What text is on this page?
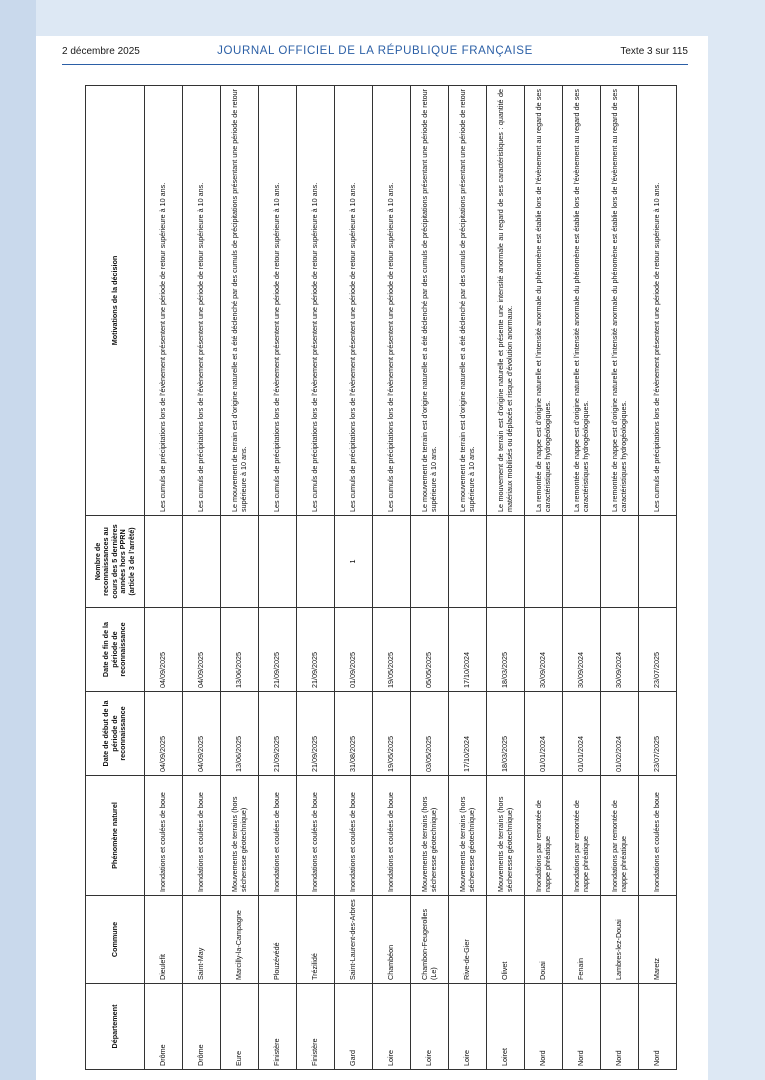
2 décembre 2025	JOURNAL OFFICIEL DE LA RÉPUBLIQUE FRANÇAISE	Texte 3 sur 115
Département	Commune	Phénomène naturel	Date de début de la période de reconnaissance	Date de fin de la période de reconnaissance	Nombre de reconnaissances au cours des 5 dernières années hors PPRN (article 3 de l’arrêté)	Motivations de la décision
Drôme	Dieulefit	Inondations et coulées de boue	04/09/2025	04/09/2025		Les cumuls de précipitations lors de l’évènement présentent une période de retour supérieure à 10 ans.
Drôme	Saint-May	Inondations et coulées de boue	04/09/2025	04/09/2025		Les cumuls de précipitations lors de l’évènement présentent une période de retour supérieure à 10 ans.
Eure	Marcilly-la-Campagne	Mouvements de terrains (hors sécheresse géotechnique)	13/06/2025	13/06/2025		Le mouvement de terrain est d’origine naturelle et a été déclenché par des cumuls de précipitations présentant une période de retour supérieure à 10 ans.
Finistère	Plouzévédé	Inondations et coulées de boue	21/09/2025	21/09/2025		Les cumuls de précipitations lors de l’évènement présentent une période de retour supérieure à 10 ans.
Finistère	Trézilidé	Inondations et coulées de boue	21/09/2025	21/09/2025		Les cumuls de précipitations lors de l’évènement présentent une période de retour supérieure à 10 ans.
Gard	Saint-Laurent-des-Arbres	Inondations et coulées de boue	31/08/2025	01/09/2025	1	Les cumuls de précipitations lors de l’évènement présentent une période de retour supérieure à 10 ans.
Loire	Chambéon	Inondations et coulées de boue	19/05/2025	19/05/2025		Les cumuls de précipitations lors de l’évènement présentent une période de retour supérieure à 10 ans.
Loire	Chambon-Feugerolles (Le)	Mouvements de terrains (hors sécheresse géotechnique)	03/05/2025	05/05/2025		Le mouvement de terrain est d’origine naturelle et a été déclenché par des cumuls de précipitations présentant une période de retour supérieure à 10 ans.
Loire	Rive-de-Gier	Mouvements de terrains (hors sécheresse géotechnique)	17/10/2024	17/10/2024		Le mouvement de terrain est d’origine naturelle et a été déclenché par des cumuls de précipitations présentant une période de retour supérieure à 10 ans.
Loiret	Olivet	Mouvements de terrains (hors sécheresse géotechnique)	18/03/2025	18/03/2025		Le mouvement de terrain est d’origine naturelle et présente une intensité anormale au regard de ses caractéristiques : quantité de matériaux mobilisés ou déplacés et risque d’évolution anormaux.
Nord	Douai	Inondations par remontée de nappe phréatique	01/01/2024	30/09/2024		La remontée de nappe est d’origine naturelle et l’intensité anormale du phénomène est établie lors de l’évènement au regard de ses caractéristiques hydrogéologiques.
Nord	Fenain	Inondations par remontée de nappe phréatique	01/01/2024	30/09/2024		La remontée de nappe est d’origine naturelle et l’intensité anormale du phénomène est établie lors de l’évènement au regard de ses caractéristiques hydrogéologiques.
Nord	Lambres-lez-Douai	Inondations par remontée de nappe phréatique	01/02/2024	30/09/2024		La remontée de nappe est d’origine naturelle et l’intensité anormale du phénomène est établie lors de l’évènement au regard de ses caractéristiques hydrogéologiques.
Nord	Maretz	Inondations et coulées de boue	23/07/2025	23/07/2025		Les cumuls de précipitations lors de l’évènement présentent une période de retour supérieure à 10 ans.
